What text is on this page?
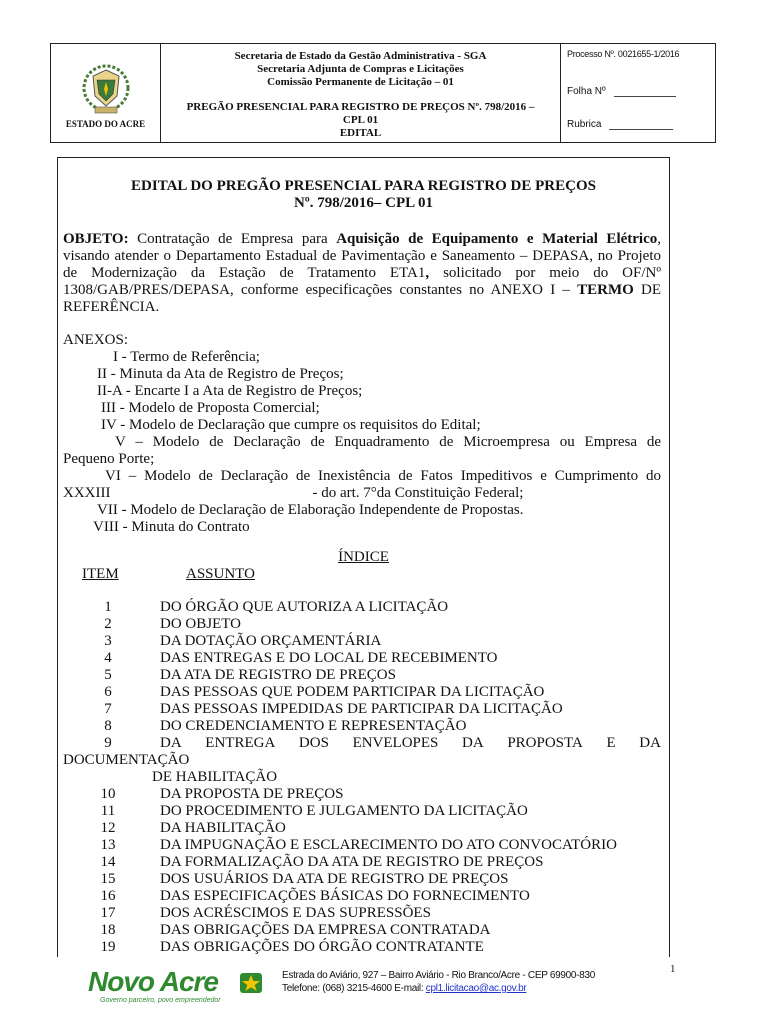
ESTADO DO ACRE
Secretaria de Estado da Gestão Administrativa - SGA
Secretaria Adjunta de Compras e Licitações
Comissão Permanente de Licitação – 01
PREGÃO PRESENCIAL PARA REGISTRO DE PREÇOS Nº. 798/2016 –
CPL 01
EDITAL
Processo Nº. 0021655-1/2016
Folha Nº
Rubrica
EDITAL DO PREGÃO PRESENCIAL PARA REGISTRO DE PREÇOS
Nº. 798/2016– CPL 01
OBJETO: Contratação de Empresa para Aquisição de Equipamento e Material Elétrico, visando atender o Departamento Estadual de Pavimentação e Saneamento – DEPASA, no Projeto de Modernização da Estação de Tratamento ETA1, solicitado por meio do OF/Nº 1308/GAB/PRES/DEPASA, conforme especificações constantes no ANEXO I – TERMO DE REFERÊNCIA.
ANEXOS:
I - Termo de Referência;
II - Minuta da Ata de Registro de Preços;
II-A - Encarte I a Ata de Registro de Preços;
III - Modelo de Proposta Comercial;
IV - Modelo de Declaração que cumpre os requisitos do Edital;
V – Modelo de Declaração de Enquadramento de Microempresa ou Empresa de
Pequeno Porte;
VI – Modelo de Declaração de Inexistência de Fatos Impeditivos e Cumprimento do
XXXIII	- do art. 7°da Constituição Federal;
VII - Modelo de Declaração de Elaboração Independente de Propostas.
VIII - Minuta do Contrato
ÍNDICE
ITEM	ASSUNTO
1	DO ÓRGÃO QUE AUTORIZA A LICITAÇÃO
2	DO OBJETO
3	DA DOTAÇÃO ORÇAMENTÁRIA
4	DAS ENTREGAS E DO LOCAL DE RECEBIMENTO
5	DA ATA DE REGISTRO DE PREÇOS
6	DAS PESSOAS QUE PODEM PARTICIPAR DA LICITAÇÃO
7	DAS PESSOAS IMPEDIDAS DE PARTICIPAR DA LICITAÇÃO
8	DO CREDENCIAMENTO E REPRESENTAÇÃO
9	DA ENTREGA DOS ENVELOPES DA PROPOSTA E DA
DOCUMENTAÇÃO
DE HABILITAÇÃO
10	DA PROPOSTA DE PREÇOS
11	DO PROCEDIMENTO E JULGAMENTO DA LICITAÇÃO
12	DA HABILITAÇÃO
13	DA IMPUGNAÇÃO E ESCLARECIMENTO DO ATO CONVOCATÓRIO
14	DA FORMALIZAÇÃO DA ATA DE REGISTRO DE PREÇOS
15	DOS USUÁRIOS DA ATA DE REGISTRO DE PREÇOS
16	DAS ESPECIFICAÇÕES BÁSICAS DO FORNECIMENTO
17	DOS ACRÉSCIMOS E DAS SUPRESSÕES
18	DAS OBRIGAÇÕES DA EMPRESA CONTRATADA
19	DAS OBRIGAÇÕES DO ÓRGÃO CONTRATANTE
1
Novo Acre
Governo parceiro, povo empreendedor
Estrada do Aviário, 927 – Bairro Aviário - Rio Branco/Acre - CEP 69900-830
Telefone: (068) 3215-4600 E-mail: cpl1.licitacao@ac.gov.br
